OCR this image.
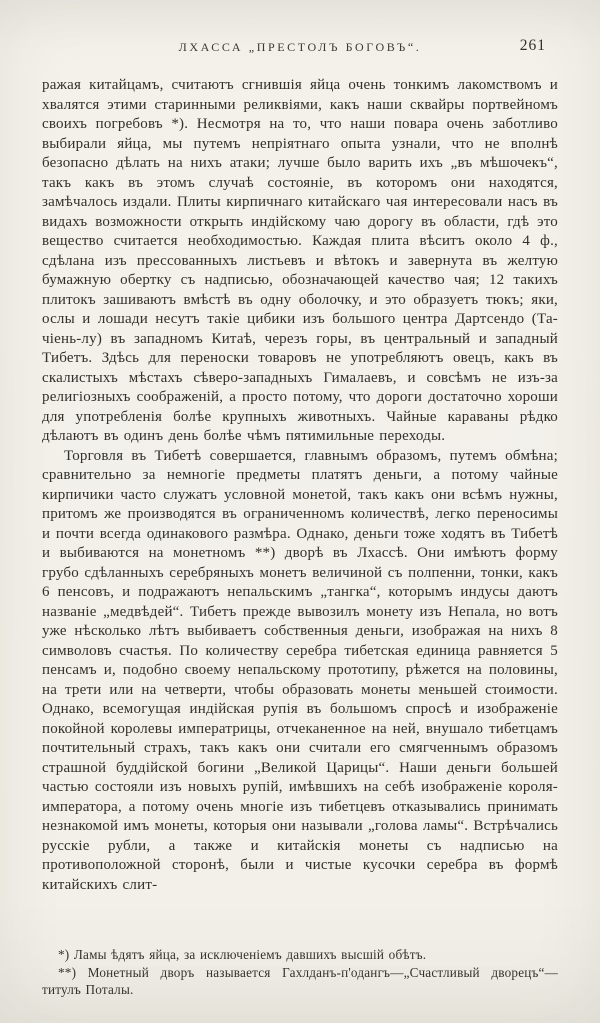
ЛХАССА „ПРЕСТОЛЪ БОГОВЪ“.	261

ражая китайцамъ, считаютъ сгнившія яйца очень тонкимъ лакомствомъ и хвалятся этими старинными реликвіями, какъ наши сквайры портвейномъ своихъ погребовъ *). Несмотря на то, что наши повара очень заботливо выбирали яйца, мы путемъ непріятнаго опыта узнали, что не вполнѣ безопасно дѣлать на нихъ атаки; лучше было варить ихъ „въ мѣшочекъ“, такъ какъ въ этомъ случаѣ состояніе, въ которомъ они находятся, замѣчалось издали. Плиты кирпичнаго китайскаго чая интересовали насъ въ видахъ возможности открыть индійскому чаю дорогу въ области, гдѣ это вещество считается необходимостью. Каждая плита вѣситъ около 4 ф., сдѣлана изъ прессованныхъ листьевъ и вѣтокъ и завернута въ желтую бумажную обертку съ надписью, обозначающей качество чая; 12 такихъ плитокъ зашиваютъ вмѣстѣ въ одну оболочку, и это образуетъ тюкъ; яки, ослы и лошади несутъ такіе цибики изъ большого центра Дартсендо (Та-чіень-лу) въ западномъ Китаѣ, черезъ горы, въ центральный и западный Тибетъ. Здѣсь для переноски товаровъ не употребляютъ овецъ, какъ въ скалистыхъ мѣстахъ сѣверо-западныхъ Гималаевъ, и совсѣмъ не изъ-за религіозныхъ соображеній, а просто потому, что дороги достаточно хороши для употребленія болѣе крупныхъ животныхъ. Чайные караваны рѣдко дѣлаютъ въ одинъ день болѣе чѣмъ пятимильные переходы.

Торговля въ Тибетѣ совершается, главнымъ образомъ, путемъ обмѣна; сравнительно за немногіе предметы платятъ деньги, а потому чайные кирпичики часто служатъ условной монетой, такъ какъ они всѣмъ нужны, притомъ же производятся въ ограниченномъ количествѣ, легко переносимы и почти всегда одинакового размѣра. Однако, деньги тоже ходятъ въ Тибетѣ и выбиваются на монетномъ **) дворѣ въ Лхассѣ. Они имѣютъ форму грубо сдѣланныхъ серебряныхъ монетъ величиной съ полпенни, тонки, какъ 6 пенсовъ, и подражаютъ непальскимъ „тангка“, которымъ индусы даютъ названіе „медвѣдей“. Тибетъ прежде вывозилъ монету изъ Непала, но вотъ уже нѣсколько лѣтъ выбиваетъ собственныя деньги, изображая на нихъ 8 символовъ счастья. По количеству серебра тибетская единица равняется 5 пенсамъ и, подобно своему непальскому прототипу, рѣжется на половины, на трети или на четверти, чтобы образовать монеты меньшей стоимости. Однако, всемогущая индійская рупія въ большомъ спросѣ и изображеніе покойной королевы императрицы, отчеканенное на ней, внушало тибетцамъ почтительный страхъ, такъ какъ они считали его смягченнымъ образомъ страшной буддійской богини „Великой Царицы“. Наши деньги большей частью состояли изъ новыхъ рупій, имѣвшихъ на себѣ изображеніе короля-императора, а потому очень многіе изъ тибетцевъ отказывались принимать незнакомой имъ монеты, которыя они называли „голова ламы“. Встрѣчались русскіе рубли, а также и китайскія монеты съ надписью на противоположной сторонѣ, были и чистые кусочки серебра въ формѣ китайскихъ слит-

*) Ламы ѣдятъ яйца, за исключеніемъ давшихъ высшій обѣтъ.

**) Монетный дворъ называется Гахлданъ-п'одангъ—„Счастливый дворецъ“—титулъ Поталы.
